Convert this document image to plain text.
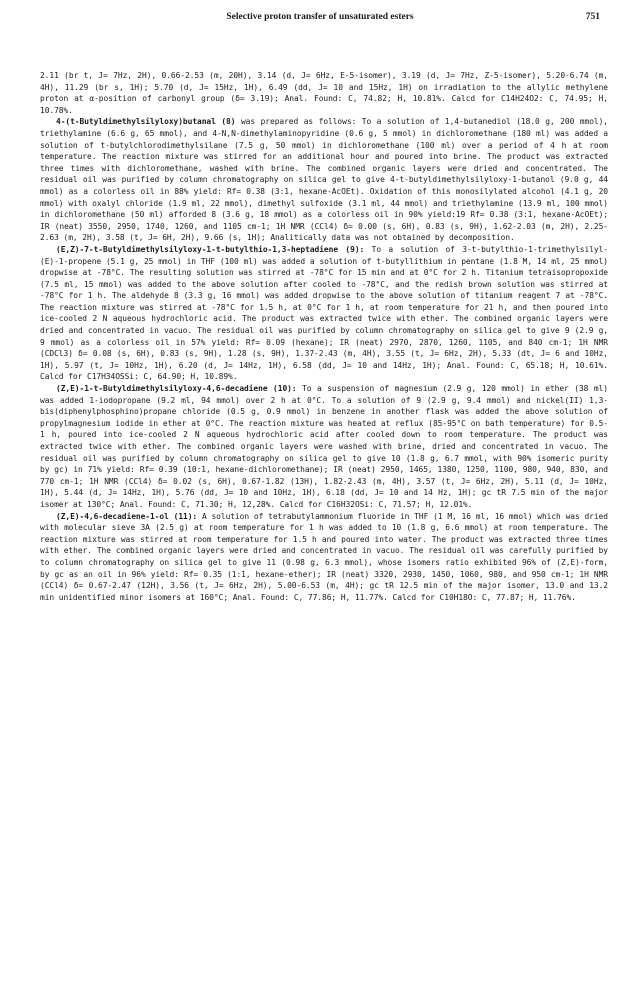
Selective proton transfer of unsaturated esters	751

2.11 (br t, J= 7Hz, 2H), 0.66-2.53 (m, 20H), 3.14 (d, J= 6Hz, E-5-isomer), 3.19 (d, J= 7Hz, Z-5-isomer), 5.20-6.74 (m, 4H), 11.29 (br s, 1H); 5.70 (d, J= 15Hz, 1H), 6.49 (dd, J= 10 and 15Hz, 1H) on irradiation to the allylic methylene proton at α-position of carbonyl group (δ= 3.19); Anal. Found: C, 74.82; H, 10.81%. Calcd for C14H24O2: C, 74.95; H, 10.78%.

4-(t-Butyldimethylsilyloxy)butanal (8) was prepared as follows: To a solution of 1,4-butanediol (18.0 g, 200 mmol), triethylamine (6.6 g, 65 mmol), and 4-N,N-dimethylaminopyridine (0.6 g, 5 mmol) in dichloromethane (180 ml) was added a solution of t-butylchlorodimethylsilane (7.5 g, 50 mmol) in dichloromethane (100 ml) over a period of 4 h at room temperature. The reaction mixture was stirred for an additional hour and poured into brine. The product was extracted three times with dichloromethane, washed with brine. The combined organic layers were dried and concentrated. The residual oil was purified by column chromatography on silica gel to give 4-t-butyldimethylsilyloxy-1-butanol (9.0 g, 44 mmol) as a colorless oil in 88% yield: Rf= 0.38 (3:1, hexane-AcOEt). Oxidation of this monosilylated alcohol (4.1 g, 20 mmol) with oxalyl chloride (1.9 ml, 22 mmol), dimethyl sulfoxide (3.1 ml, 44 mmol) and triethylamine (13.9 ml, 100 mmol) in dichloromethane (50 ml) afforded 8 (3.6 g, 18 mmol) as a colorless oil in 90% yield:19 Rf= 0.38 (3:1, hexane-AcOEt); IR (neat) 3550, 2950, 1740, 1260, and 1105 cm-1; 1H NMR (CCl4) δ= 0.00 (s, 6H), 0.83 (s, 9H), 1.62-2.03 (m, 2H), 2.25-2.63 (m, 2H), 3.58 (t, J= 6H, 2H), 9.66 (s, 1H); Analitically data was not obtained by decomposition.

(E,Z)-7-t-Butyldimethylsilyloxy-1-t-butylthio-1,3-heptadiene (9): To a solution of 3-t-butylthio-1-trimethylsilyl-(E)-1-propene (5.1 g, 25 mmol) in THF (100 ml) was added a solution of t-butyllithium in pentane (1.8 M, 14 ml, 25 mmol) dropwise at -78°C. The resulting solution was stirred at -78°C for 15 min and at 0°C for 2 h. Titanium tetraisopropoxide (7.5 ml, 15 mmol) was added to the above solution after cooled to -78°C, and the redish brown solution was stirred at -78°C for 1 h. The aldehyde 8 (3.3 g, 16 mmol) was added dropwise to the above solution of titanium reagent 7 at -78°C. The reaction mixture was stirred at -78°C for 1.5 h, at 0°C for 1 h, at room temperature for 21 h, and then poured into ice-cooled 2 N aqueous hydrochloric acid. The product was extracted twice with ether. The combined organic layers were dried and concentrated in vacuo. The residual oil was purified by column chromatography on silica gel to give 9 (2.9 g, 9 mmol) as a colorless oil in 57% yield: Rf= 0.09 (hexane); IR (neat) 2970, 2870, 1260, 1105, and 840 cm-1; 1H NMR (CDCl3) δ= 0.08 (s, 6H), 0.83 (s, 9H), 1.28 (s, 9H), 1.37-2.43 (m, 4H), 3.55 (t, J= 6Hz, 2H), 5.33 (dt, J= 6 and 10Hz, 1H), 5.97 (t, J= 10Hz, 1H), 6.20 (d, J= 14Hz, 1H), 6.58 (dd, J= 10 and 14Hz, 1H); Anal. Found: C, 65.18; H, 10.61%. Calcd for C17H34OSSi: C, 64.90; H, 10.89%.

(Z,E)-1-t-Butyldimethylsilyloxy-4,6-decadiene (10): To a suspension of magnesium (2.9 g, 120 mmol) in ether (38 ml) was added 1-iodopropane (9.2 ml, 94 mmol) over 2 h at 0°C. To a solution of 9 (2.9 g, 9.4 mmol) and nickel(II) 1,3-bis(diphenylphosphino)propane chloride (0.5 g, 0.9 mmol) in benzene in another flask was added the above solution of propylmagnesium iodide in ether at 0°C. The reaction mixture was heated at reflux (85-95°C on bath temperature) for 0.5-1 h, poured into ice-cooled 2 N aqueous hydrochloric acid after cooled down to room temperature. The product was extracted twice with ether. The combined organic layers were washed with brine, dried and concentrated in vacuo. The residual oil was purified by column chromatography on silica gel to give 10 (1.8 g, 6.7 mmol, with 90% isomeric purity by gc) in 71% yield: Rf= 0.39 (10:1, hexane-dichloromethane); IR (neat) 2950, 1465, 1380, 1250, 1100, 980, 940, 830, and 770 cm-1; 1H NMR (CCl4) δ= 0.02 (s, 6H), 0.67-1.82 (13H), 1.82-2.43 (m, 4H), 3.57 (t, J= 6Hz, 2H), 5.11 (d, J= 10Hz, 1H), 5.44 (d, J= 14Hz, 1H), 5.76 (dd, J= 10 and 10Hz, 1H), 6.18 (dd, J= 10 and 14 Hz, 1H); gc tR 7.5 min of the major isomer at 130°C; Anal. Found: C, 71.30; H, 12,28%. Calcd for C16H32OSi: C, 71.57; H, 12.01%.

(Z,E)-4,6-decadiene-1-ol (11): A solution of tetrabutylammonium fluoride in THF (1 M, 16 ml, 16 mmol) which was dried with molecular sieve 3A (2.5 g) at room temperature for 1 h was added to 10 (1.8 g, 6.6 mmol) at room temperature. The reaction mixture was stirred at room temperature for 1.5 h and poured into water. The product was extracted three times with ether. The combined organic layers were dried and concentrated in vacuo. The residual oil was carefully purified by to column chromatography on silica gel to give 11 (0.98 g, 6.3 mmol), whose isomers ratio exhibited 96% of (Z,E)-form, by gc as an oil in 96% yield: Rf= 0.35 (1:1, hexane-ether); IR (neat) 3320, 2930, 1450, 1060, 980, and 950 cm-1; 1H NMR (CCl4) δ= 0.67-2.47 (12H), 3.56 (t, J= 6Hz, 2H), 5.00-6.53 (m, 4H); gc tR 12.5 min of the major isomer, 13.0 and 13.2 min unidentified minor isomers at 160°C; Anal. Found: C, 77.86; H, 11.77%. Calcd for C10H18O: C, 77.87; H, 11.76%.
